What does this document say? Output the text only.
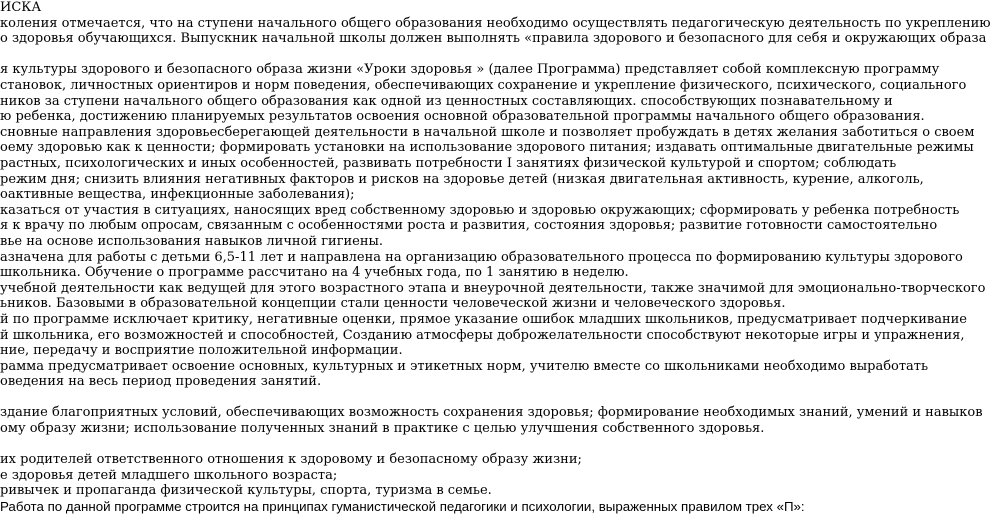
ИСКА
коления отмечается, что на ступени начального общего образования необходимо осуществлять педагогическую деятельность по укреплению
о здоровья обучающихся. Выпускник начальной школы должен выполнять «правила здорового и безопасного для себя и окружающих образа
я культуры здорового и безопасного образа жизни «Уроки здоровья » (далее Программа) представляет собой комплексную программу
становок, личностных ориентиров и норм поведения, обеспечивающих сохранение и укрепление физического, психического, социального
ников за ступени начального общего образования как одной из ценностных составляющих. способствующих познавательному и
ю ребенка, достижению планируемых результатов освоения основной образовательной программы начального общего образования.
сновные направления здоровьесберегающей деятельности в начальной школе и позволяет пробуждать в детях желания заботиться о своем
оему здоровью как к ценности; формировать установки на использование здорового питания; издавать оптимальные двигательные режимы
растных, психологических и иных особенностей, развивать потребности I занятиях физической культурой и спортом; соблюдать
режим дня; снизить влияния негативных факторов и рисков на здоровье детей (низкая двигательная активность, курение, алкоголь,
оактивные вещества, инфекционные заболевания);
казаться от участия в ситуациях, наносящих вред собственному здоровью и здоровью окружающих; сформировать у ребенка потребность
я к врачу по любым опросам, связанным с особенностями роста и развития, состояния здоровья; развитие готовности самостоятельно
вье на основе использования навыков личной гигиены.
азначена для работы с детьми 6,5-11 лет и направлена на организацию образовательного процесса по формированию культуры здорового
школьника. Обучение о программе рассчитано на 4 учебных года, по 1 занятию в неделю.
учебной деятельности как ведущей для этого возрастного этапа и внеурочной деятельности, также значимой для эмоционально-творческого
ьников. Базовыми в образовательной концепции стали ценности человеческой жизни и человеческого здоровья.
й по программе исключает критику, негативные оценки, прямое указание ошибок младших школьников, предусматривает подчеркивание
й школьника, его возможностей и способностей, Созданию атмосферы доброжелательности способствуют некоторые игры и упражнения,
ние, передачу и восприятие положительной информации.
рамма предусматривает освоение основных, культурных и этикетных норм, учителю вместе со школьниками необходимо выработать
оведения на весь период проведения занятий.
здание благоприятных условий, обеспечивающих возможность сохранения здоровья; формирование необходимых знаний, умений и навыков
ому образу жизни; использование полученных знаний в практике с целью улучшения собственного здоровья.
их родителей ответственного отношения к здоровому и безопасному образу жизни;
е здоровья детей младшего школьного возраста;
ривычек и пропаганда физической культуры, спорта, туризма в семье.
Работа по данной программе строится на принципах гуманистической педагогики и психологии, выраженных правилом трех «П»:
